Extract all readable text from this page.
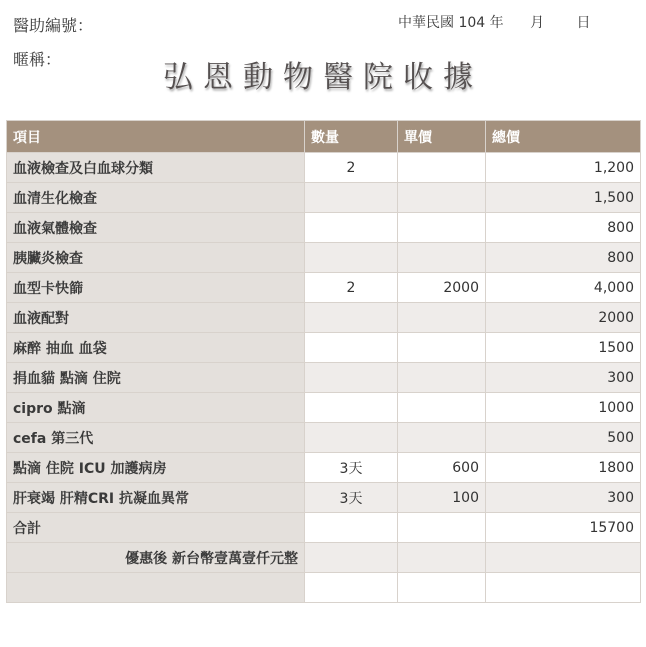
醫助編號：
暱稱：
中華民國 104 年 月 日
弘恩動物醫院收據
項目	數量	單價	總價
血液檢查及白血球分類	2		1,200
血清生化檢查			1,500
血液氣體檢查			800
胰臟炎檢查			800
血型卡快篩	2	2000	4,000
血液配對			2000
麻醉 抽血 血袋			1500
捐血貓 點滴 住院			300
cipro 點滴			1000
cefa 第三代			500
點滴 住院 ICU 加護病房	3天	600	1800
肝衰竭 肝精CRI 抗凝血異常	3天	100	300
合計			15700
優惠後 新台幣壹萬壹仟元整			
